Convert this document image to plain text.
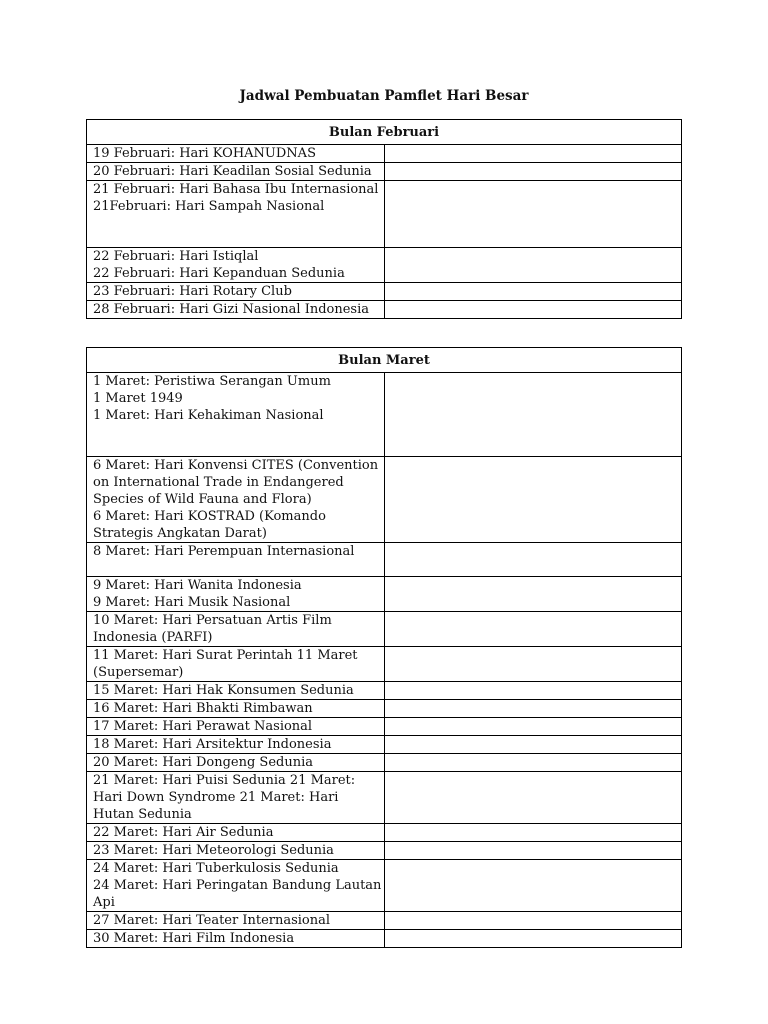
Jadwal Pembuatan Pamflet Hari Besar
Bulan Februari	

19 Februari: Hari KOHANUDNAS	

20 Februari: Hari Keadilan Sosial Sedunia	

21 Februari: Hari Bahasa Ibu Internasional
21Februari: Hari Sampah Nasional	

22 Februari: Hari Istiqlal
22 Februari: Hari Kepanduan Sedunia	

23 Februari: Hari Rotary Club	

28 Februari: Hari Gizi Nasional Indonesia	

Bulan Maret	

1 Maret: Peristiwa Serangan Umum
1 Maret 1949
1 Maret: Hari Kehakiman Nasional	

6 Maret: Hari Konvensi CITES (Convention on International Trade in Endangered Species of Wild Fauna and Flora)
6 Maret: Hari KOSTRAD (Komando Strategis Angkatan Darat)	

8 Maret: Hari Perempuan Internasional	

9 Maret: Hari Wanita Indonesia
9 Maret: Hari Musik Nasional	

10 Maret: Hari Persatuan Artis Film Indonesia (PARFI)	

11 Maret: Hari Surat Perintah 11 Maret (Supersemar)	

15 Maret: Hari Hak Konsumen Sedunia	

16 Maret: Hari Bhakti Rimbawan	

17 Maret: Hari Perawat Nasional	

18 Maret: Hari Arsitektur Indonesia	

20 Maret: Hari Dongeng Sedunia	

21 Maret: Hari Puisi Sedunia 21 Maret: Hari Down Syndrome 21 Maret: Hari Hutan Sedunia	

22 Maret: Hari Air Sedunia	

23 Maret: Hari Meteorologi Sedunia	

24 Maret: Hari Tuberkulosis Sedunia
24 Maret: Hari Peringatan Bandung Lautan Api	

27 Maret: Hari Teater Internasional	

30 Maret: Hari Film Indonesia	
